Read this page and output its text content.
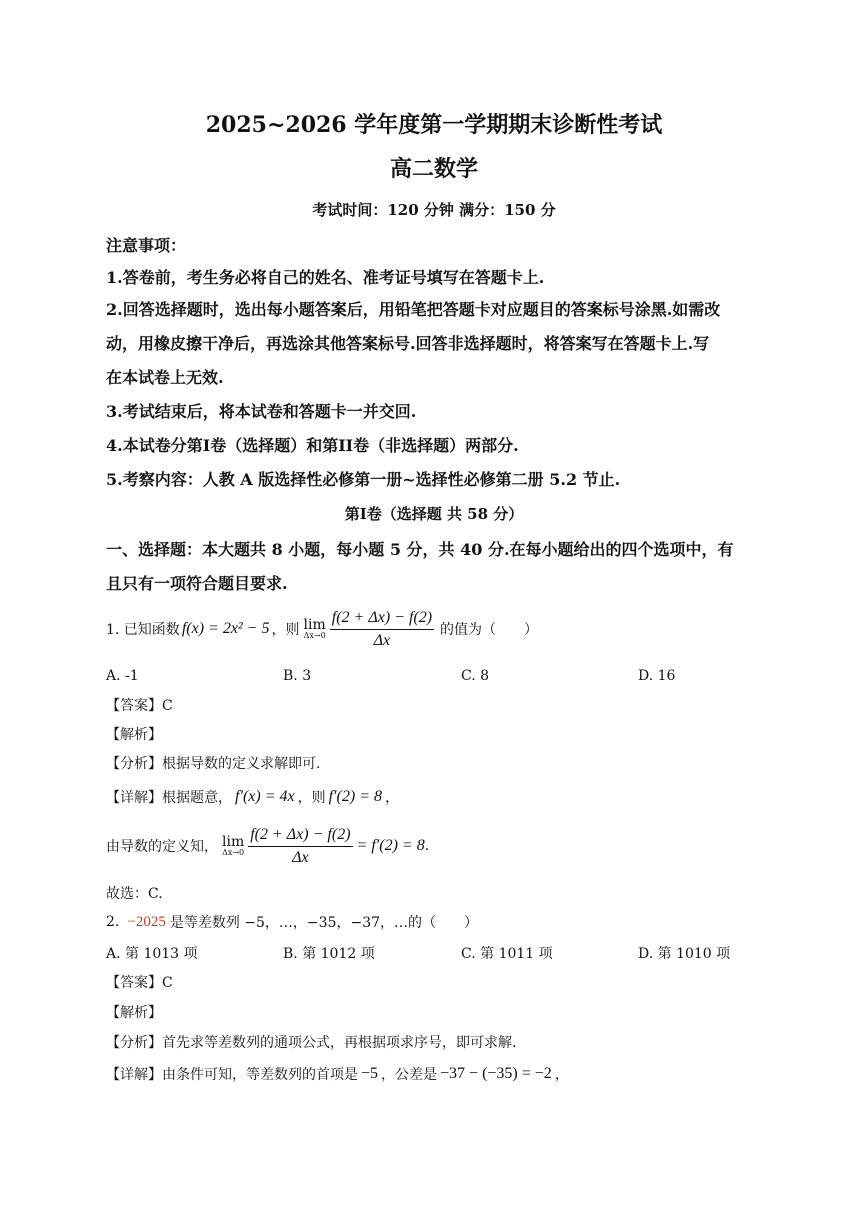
2025~2026 学年度第一学期期末诊断性考试
高二数学
考试时间：120 分钟 满分：150 分
注意事项：
1.答卷前，考生务必将自己的姓名、准考证号填写在答题卡上.
2.回答选择题时，选出每小题答案后，用铅笔把答题卡对应题目的答案标号涂黑.如需改
动，用橡皮擦干净后，再选涂其他答案标号.回答非选择题时，将答案写在答题卡上.写
在本试卷上无效.
3.考试结束后，将本试卷和答题卡一并交回.
4.本试卷分第I卷（选择题）和第II卷（非选择题）两部分.
5.考察内容：人教 A 版选择性必修第一册~选择性必修第二册 5.2 节止.
第I卷（选择题 共 58 分）
一、选择题：本大题共 8 小题，每小题 5 分，共 40 分.在每小题给出的四个选项中，有
且只有一项符合题目要求.
1. 已知函数 f(x) = 2x² − 5 ，则 lim
$\Delta x\to 0 \frac{f(2 + \Delta x) - f(2)}{\Delta x}$ 的值为（　　）
A. -1	B. 3	C. 8	D. 16
【答案】C
【解析】
【分析】根据导数的定义求解即可.
【详解】根据题意， f′(x) = 4x ，则 f′(2) = 8 ，
由导数的定义知， lim
$\Delta x\to 0 \frac{f(2 + \Delta x) - f(2)}{\Delta x} = f'(2) = 8$ .
故选：C.
2. −2025 是等差数列 −5，…，−35，−37，…的（　　）
A. 第 1013 项	B. 第 1012 项	C. 第 1011 项	D. 第 1010 项
【答案】C
【解析】
【分析】首先求等差数列的通项公式，再根据项求序号，即可求解.
【详解】由条件可知，等差数列的首项是 −5 ，公差是 −37 − (−35) = −2 ，
